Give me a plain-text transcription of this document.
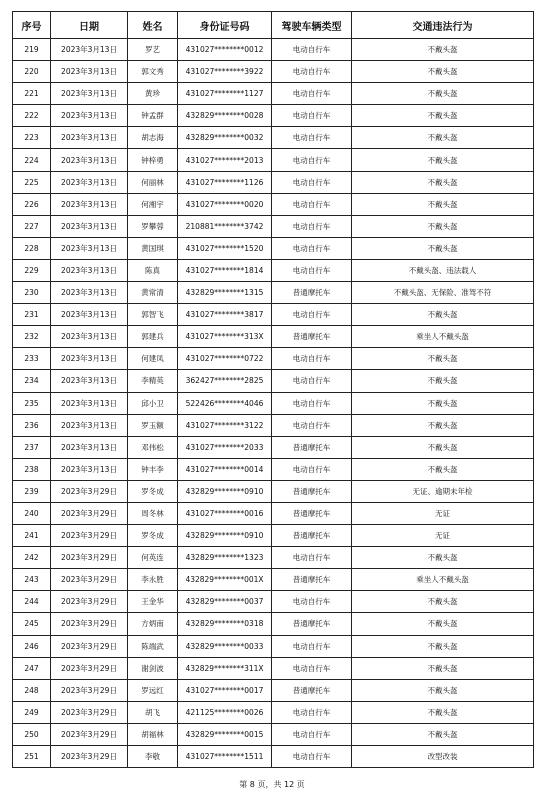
序号	日期	姓名	身份证号码	驾驶车辆类型	交通违法行为
219	2023年3月13日	罗艺	431027********0012	电动自行车	不戴头盔
220	2023年3月13日	郭文秀	431027********3922	电动自行车	不戴头盔
221	2023年3月13日	黄珍	431027********1127	电动自行车	不戴头盔
222	2023年3月13日	钟孟群	432829********0028	电动自行车	不戴头盔
223	2023年3月13日	胡志海	432829********0032	电动自行车	不戴头盔
224	2023年3月13日	钟梓勇	431027********2013	电动自行车	不戴头盔
225	2023年3月13日	何丽林	431027********1126	电动自行车	不戴头盔
226	2023年3月13日	何湘宇	431027********0020	电动自行车	不戴头盔
227	2023年3月13日	罗攀蓉	210881********3742	电动自行车	不戴头盔
228	2023年3月13日	黄国琪	431027********1520	电动自行车	不戴头盔
229	2023年3月13日	陈真	431027********1814	电动自行车	不戴头盔、违法载人
230	2023年3月13日	黄常清	432829********1315	普通摩托车	不戴头盔、无保险、准驾不符
231	2023年3月13日	郭智飞	431027********3817	电动自行车	不戴头盔
232	2023年3月13日	郭建兵	431027********313X	普通摩托车	乘坐人不戴头盔
233	2023年3月13日	何建凤	431027********0722	电动自行车	不戴头盔
234	2023年3月13日	李精英	362427********2825	电动自行车	不戴头盔
235	2023年3月13日	邱小卫	522426********4046	电动自行车	不戴头盔
236	2023年3月13日	罗玉额	431027********3122	电动自行车	不戴头盔
237	2023年3月13日	邓伟松	431027********2033	普通摩托车	不戴头盔
238	2023年3月13日	钟丰李	431027********0014	电动自行车	不戴头盔
239	2023年3月29日	罗冬成	432829********0910	普通摩托车	无证、逾期未年检
240	2023年3月29日	周冬林	431027********0016	普通摩托车	无证
241	2023年3月29日	罗冬成	432829********0910	普通摩托车	无证
242	2023年3月29日	何英连	432829********1323	电动自行车	不戴头盔
243	2023年3月29日	李永胜	432829********001X	普通摩托车	乘坐人不戴头盔
244	2023年3月29日	王金华	432829********0037	电动自行车	不戴头盔
245	2023年3月29日	方炳南	432829********0318	普通摩托车	不戴头盔
246	2023年3月29日	陈端武	432829********0033	电动自行车	不戴头盔
247	2023年3月29日	谢剑波	432829********311X	电动自行车	不戴头盔
248	2023年3月29日	罗远红	431027********0017	普通摩托车	不戴头盔
249	2023年3月29日	胡飞	421125********0026	电动自行车	不戴头盔
250	2023年3月29日	胡福林	432829********0015	电动自行车	不戴头盔
251	2023年3月29日	李敬	431027********1511	电动自行车	改型改装
第 8 页，共 12 页
